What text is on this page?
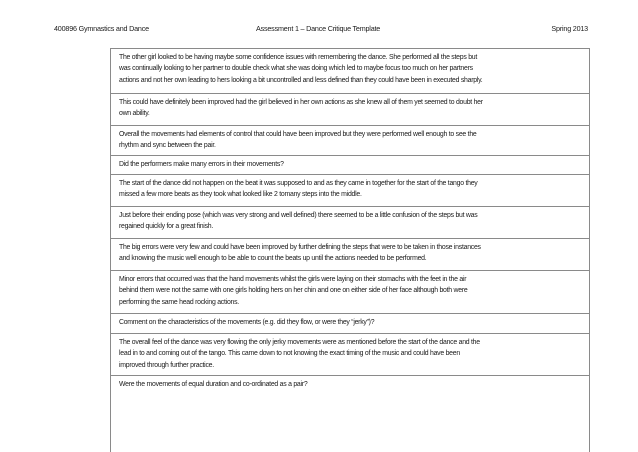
400896 Gymnastics and Dance	Assessment 1 – Dance Critique Template	Spring 2013

The other girl looked to be having maybe some confidence issues with remembering the dance. She performed all the steps but

was continually looking to her partner to double check what she was doing which led to maybe focus too much on her partners

actions and not her own leading to hers looking a bit uncontrolled and less defined than they could have been in executed sharply.

This could have definitely been improved had the girl believed in her own actions as she knew all of them yet seemed to doubt her

own ability.

Overall the movements had elements of control that could have been improved but they were performed well enough to see the

rhythm and sync between the pair.

Did the performers make many errors in their movements?

The start of the dance did not happen on the beat it was supposed to and as they came in together for the start of the tango they

missed a few more beats as they took what looked like 2 tomany steps into the middle.

Just before their ending pose (which was very strong and well defined) there seemed to be a little confusion of the steps but was

regained quickly for a great finish.

The big errors were very few and could have been improved by further defining the steps that were to be taken in those instances

and knowing the music well enough to be able to count the beats up until the actions needed to be performed.

Minor errors that occurred was that the hand movements whilst the girls were laying on their stomachs with the feet in the air

behind them were not the same with one girls holding hers on her chin and one on either side of her face although both were

performing the same head rocking actions.

Comment on the characteristics of the movements (e.g. did they flow, or were they “jerky”)?

The overall feel of the dance was very flowing the only jerky movements were as mentioned before the start of the dance and the

lead in to and coming out of the tango. This came down to not knowing the exact timing of the music and could have been

improved through further practice.

Were the movements of equal duration and co-ordinated as a pair?
